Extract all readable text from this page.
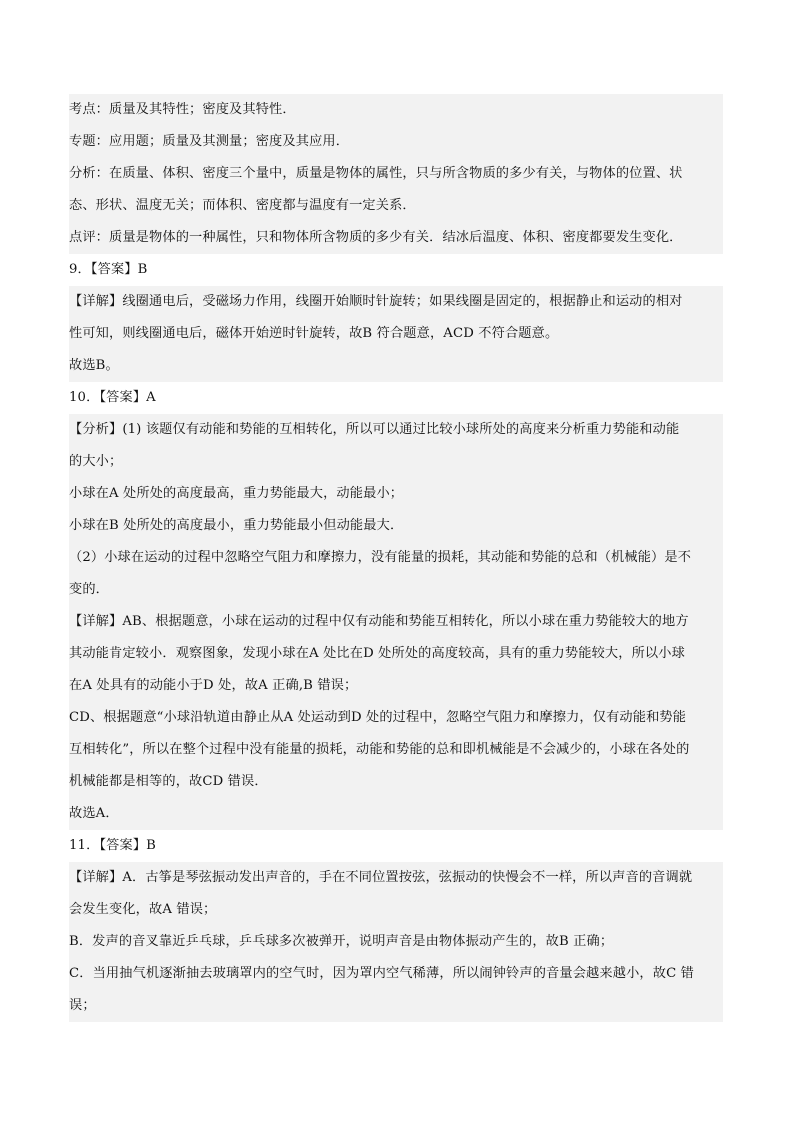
考点：质量及其特性；密度及其特性．
专题：应用题；质量及其测量；密度及其应用．
分析：在质量、体积、密度三个量中，质量是物体的属性，只与所含物质的多少有关，与物体的位置、状
态、形状、温度无关；而体积、密度都与温度有一定关系．
点评：质量是物体的一种属性，只和物体所含物质的多少有关．结冰后温度、体积、密度都要发生变化．
9．【答案】B
【详解】线圈通电后，受磁场力作用，线圈开始顺时针旋转；如果线圈是固定的，根据静止和运动的相对
性可知，则线圈通电后，磁体开始逆时针旋转，故B 符合题意，ACD 不符合题意。
故选B。
10．【答案】A
【分析】(1) 该题仅有动能和势能的互相转化，所以可以通过比较小球所处的高度来分析重力势能和动能
的大小；
小球在A 处所处的高度最高，重力势能最大，动能最小；
小球在B 处所处的高度最小，重力势能最小但动能最大．
（2）小球在运动的过程中忽略空气阻力和摩擦力，没有能量的损耗，其动能和势能的总和（机械能）是不
变的．
【详解】AB、根据题意，小球在运动的过程中仅有动能和势能互相转化，所以小球在重力势能较大的地方
其动能肯定较小．观察图象，发现小球在A 处比在D 处所处的高度较高，具有的重力势能较大，所以小球
在A 处具有的动能小于D 处，故A 正确,B 错误；
CD、根据题意“小球沿轨道由静止从A 处运动到D 处的过程中，忽略空气阻力和摩擦力，仅有动能和势能
互相转化”，所以在整个过程中没有能量的损耗，动能和势能的总和即机械能是不会减少的，小球在各处的
机械能都是相等的，故CD 错误．
故选A．
11．【答案】B
【详解】A．古筝是琴弦振动发出声音的，手在不同位置按弦，弦振动的快慢会不一样，所以声音的音调就
会发生变化，故A 错误；
B．发声的音叉靠近乒乓球，乒乓球多次被弹开，说明声音是由物体振动产生的，故B 正确；
C．当用抽气机逐渐抽去玻璃罩内的空气时，因为罩内空气稀薄，所以闹钟铃声的音量会越来越小，故C 错
误；
